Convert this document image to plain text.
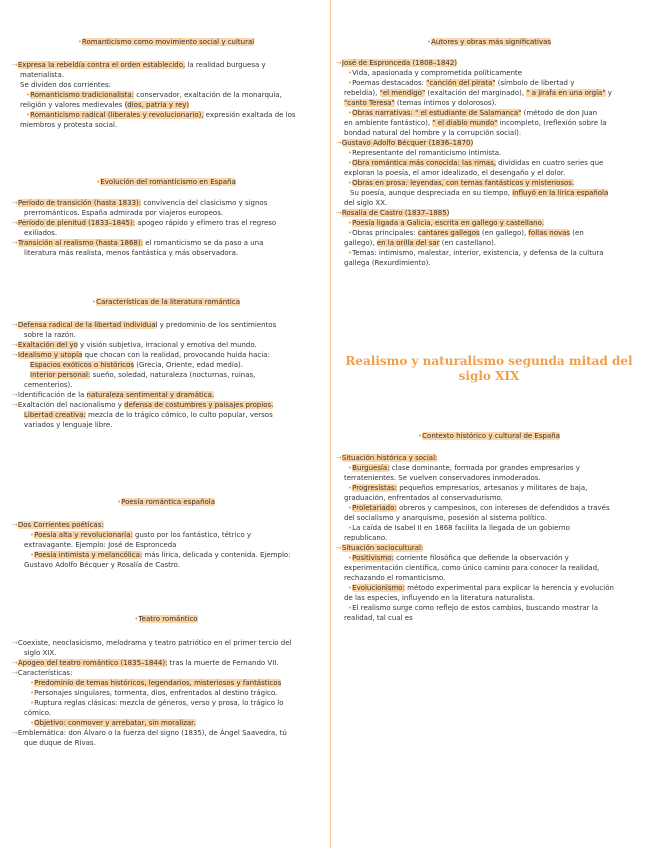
•Romanticismo como movimiento social y cultural

→Expresa la rebeldía contra el orden establecido, la realidad burguesa y

materialista.

Se dividen dos corrientes:

•Romanticismo tradicionalista: conservador, exaltación de la monarquía,

religión y valores medievales (dios, patria y rey)

•Romanticismo radical (liberales y revolucionario), expresión exaltada de los

miembros y protesta social.

•Evolución del romanticismo en España

→Período de transición (hasta 1833): convivencia del clasicismo y signos

prerrománticos. España admirada por viajeros europeos.

→Período de plenitud (1833–1845): apogeo rápido y efímero tras el regreso

exiliados.

→Transición al realismo (hasta 1868): el romanticismo se da paso a una

literatura más realista, menos fantástica y más observadora.

•Características de la literatura romántica

→Defensa radical de la libertad individual y predominio de los sentimientos

sobre la razón.

→Exaltación del yo y visión subjetiva, irracional y emotiva del mundo.

→Idealismo y utopía que chocan con la realidad, provocando huida hacia:

Espacios exóticos o históricos (Grecia, Oriente, edad media).

Interior personal: sueño, soledad, naturaleza (nocturnas, ruinas,

cementerios).

→Identificación de la naturaleza sentimental y dramática.

→Exaltación del nacionalismo y defensa de costumbres y paisajes propios.

Libertad creativa: mezcla de lo trágico cómico, lo culto popular, versos

variados y lenguaje libre.

•Poesía romántica española

→Dos Corrientes poéticas:

•Poesía alta y revolucionaria: gusto por los fantástico, tétrico y

extravagante. Ejemplo: José de Espronceda

•Poesía intimista y melancólica: más lírica, delicada y contenida. Ejemplo:

Gustavo Adolfo Bécquer y Rosalía de Castro.

•Teatro romántico

→Coexiste, neoclasicismo, melodrama y teatro patriótico en el primer tercio del

siglo XIX.

→Apogeo del teatro romántico (1835–1844): tras la muerte de Fernando VII.

→Características:

•Predominio de temas históricos, legendarios, misteriosos y fantásticos

•Personajes singulares, tormenta, dios, enfrentados al destino trágico.

•Ruptura reglas clásicas: mezcla de géneros, verso y prosa, lo trágico lo

cómico.

•Objetivo: conmover y arrebatar, sin moralizar.

→Emblemática: don Álvaro o la fuerza del signo (1835), de Ángel Saavedra, tú

que duque de Rivas.

•Autores y obras más significativas

→José de Espronceda (1808–1842)

•Vida, apasionada y comprometida políticamente

•Poemas destacados: "canción del pirata" (símbolo de libertad y

rebeldía), "el mendigo" (exaltación del marginado), " a jirafa en una orgía" y

"canto Teresa" (temas íntimos y dolorosos).

•Obras narrativas: " el estudiante de Salamanca" (método de don Juan

en ambiente fantástico), " el diablo mundo" incompleto, (reflexión sobre la

bondad natural del hombre y la corrupción social).

→Gustavo Adolfo Bécquer (1836–1870)

•Representante del romanticismo intimista.

•Obra romántica más conocida: las rimas, divididas en cuatro series que

exploran la poesía, el amor idealizado, el desengaño y el dolor.

•Obras en prosa: leyendas, con temas fantásticos y misteriosos.

Su poesía, aunque despreciada en su tiempo, influyó en la lírica española

del siglo XX.

→Rosalía de Castro (1837–1885)

•Poesía ligada a Galicia, escrita en gallego y castellano.

•Obras principales: cantares gallegos (en gallego), follas novas (en

gallego), en la orilla del sar (en castellano).

•Temas: intimismo, malestar, interior, existencia, y defensa de la cultura

gallega (Rexurdimiento).

Realismo y naturalismo segunda mitad del siglo XIX
•Contexto histórico y cultural de España

→Situación histórica y social:

•Burguesía: clase dominante, formada por grandes empresarios y

terratenientes. Se vuelven conservadores inmoderados.

•Progresistas: pequeños empresarios, artesanos y militares de baja,

graduación, enfrentados al conservadurismo.

•Proletariado: obreros y campesinos, con intereses de defendidos a través

del socialismo y anarquismo, posesión al sistema político.

•La caída de Isabel II en 1868 facilita la llegada de un gobierno

republicano.

→Situación sociocultural:

•Positivismo: corriente filosófica que defiende la observación y

experimentación científica, como único camino para conocer la realidad,

rechazando el romanticismo.

•Evolucionismo: método experimental para explicar la herencia y evolución

de las especies, influyendo en la literatura naturalista.

•El realismo surge como reflejo de estos cambios, buscando mostrar la

realidad, tal cual es
